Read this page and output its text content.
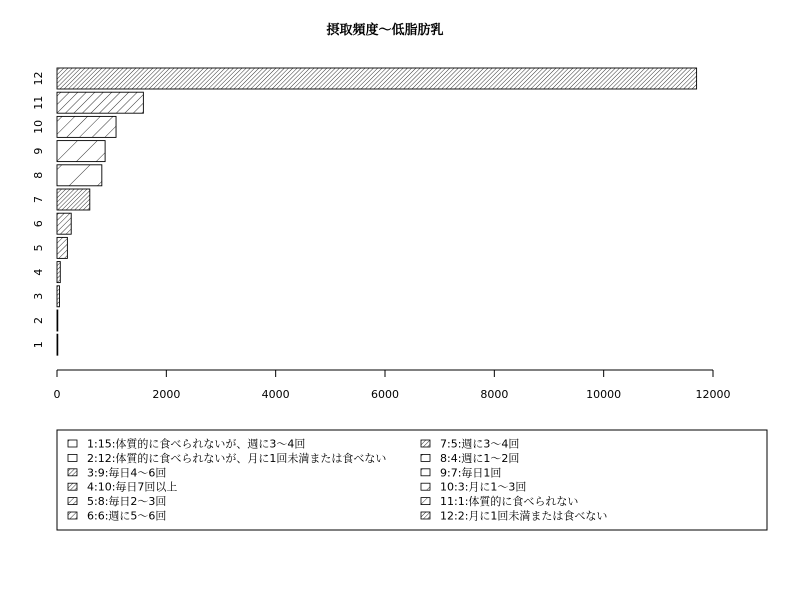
摂取頻度～低脂肪乳
1
2
3
4
5
6
7
8
9
10
11
12
0	2000	4000	6000	8000	10000	12000
1:15:体質的に食べられないが、週に3～4回
2:12:体質的に食べられないが、月に1回未満または食べない
3:9:毎日4～6回
4:10:毎日7回以上
5:8:毎日2～3回
6:6:週に5～6回
7:5:週に3～4回
8:4:週に1～2回
9:7:毎日1回
10:3:月に1～3回
11:1:体質的に食べられない
12:2:月に1回未満または食べない
